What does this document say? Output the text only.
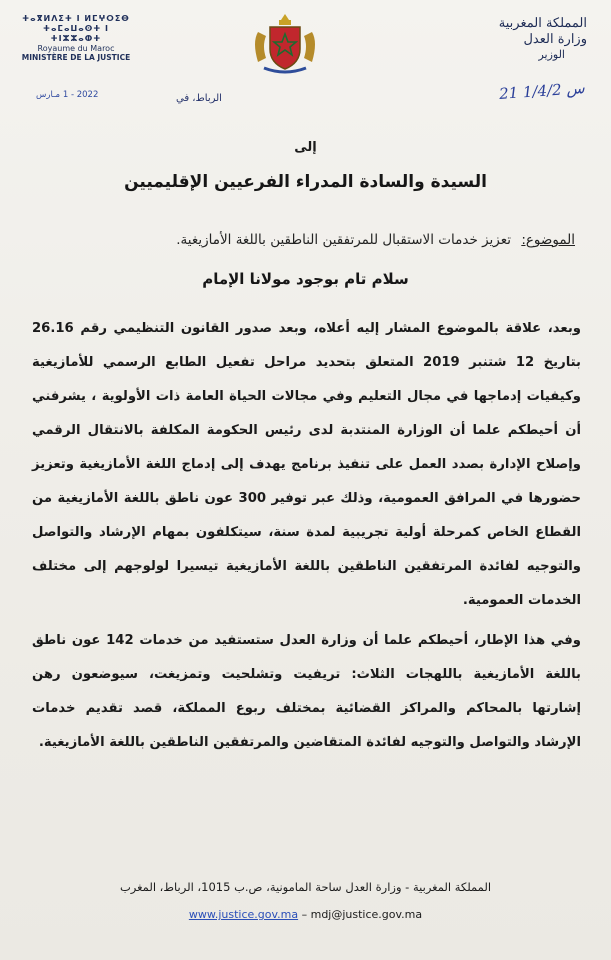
ⵜⴰⴳⵍⴷⵉⵜ ⵏ ⵍⵎⵖⵔⵉⴱ
ⵜⴰⵎⴰⵡⴰⵙⵜ ⵏ ⵜⵏⵣⵣⴰⵀⵜ
Royaume du Maroc
MINISTÈRE DE LA JUSTICE
المملكة المغربية
وزارة العدل
الوزير
21 س 1/4/2
2022 - 1 مـارس	الرباط، في
إلى
السيدة والسادة المدراء الفرعيين الإقليميين
الموضوع: تعزيز خدمات الاستقبال للمرتفقين الناطقين باللغة الأمازيغية.
سلام تام بوجود مولانا الإمام

وبعد، علاقة بالموضوع المشار إليه أعلاه، وبعد صدور القانون التنظيمي رقم 26.16 بتاريخ 12 شتنبر 2019 المتعلق بتحديد مراحل تفعيل الطابع الرسمي للأمازيغية وكيفيات إدماجها في مجال التعليم وفي مجالات الحياة العامة ذات الأولوية ، يشرفني أن أحيطكم علما أن الوزارة المنتدبة لدى رئيس الحكومة المكلفة بالانتقال الرقمي وإصلاح الإدارة بصدد العمل على تنفيذ برنامج يهدف إلى إدماج اللغة الأمازيغية وتعزيز حضورها في المرافق العمومية، وذلك عبر توفير 300 عون ناطق باللغة الأمازيغية من القطاع الخاص كمرحلة أولية تجريبية لمدة سنة، سيتكلفون بمهام الإرشاد والتواصل والتوجيه لفائدة المرتفقين الناطقين باللغة الأمازيغية تيسيرا لولوجهم إلى مختلف الخدمات العمومية.

وفي هذا الإطار، أحيطكم علما أن وزارة العدل ستستفيد من خدمات 142 عون ناطق باللغة الأمازيغية باللهجات الثلاث: تريفيت وتشلحيت وتمزيغت، سيوضعون رهن إشارتها بالمحاكم والمراكز القضائية بمختلف ربوع المملكة، قصد تقديم خدمات الإرشاد والتواصل والتوجيه لفائدة المتقاضين والمرتفقين الناطقين باللغة الأمازيغية.

المملكة المغربية - وزارة العدل ساحة المامونية، ص.ب 1015، الرباط، المغرب
www.justice.gov.ma – mdj@justice.gov.ma
